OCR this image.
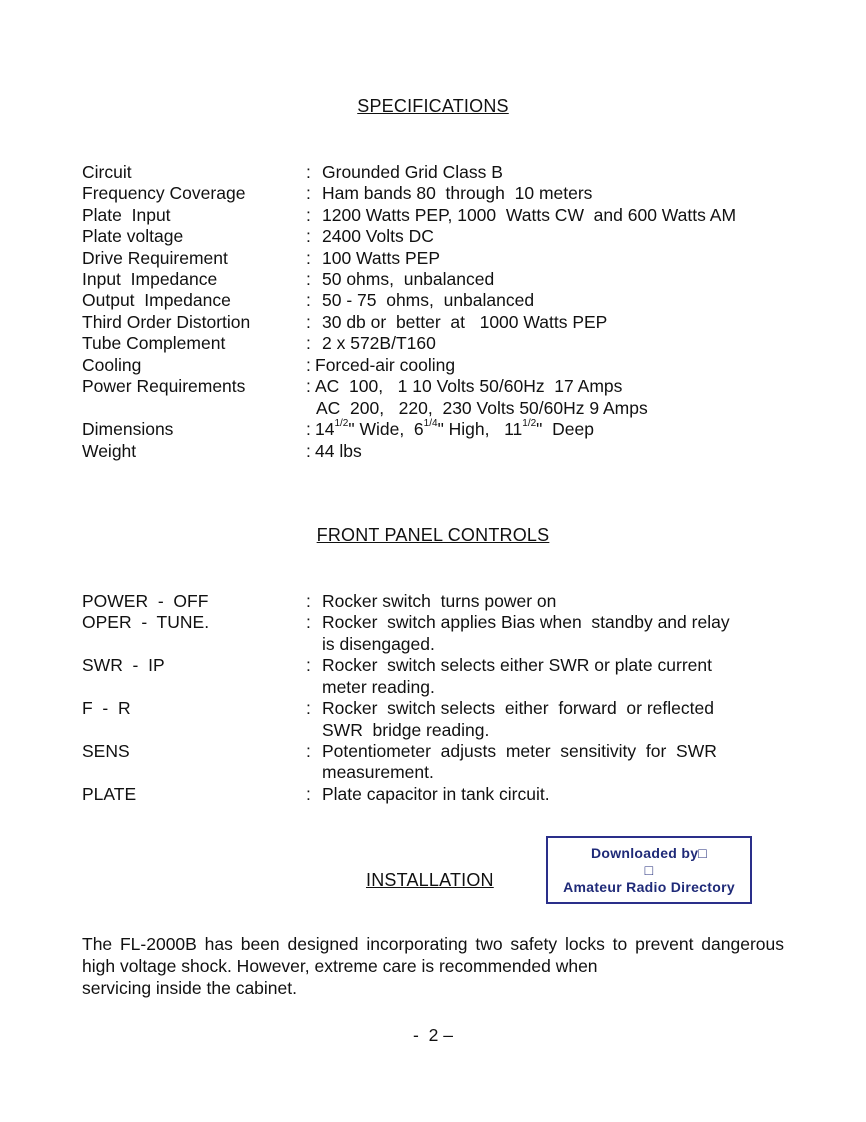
SPECIFICATIONS
Circuit	: Grounded Grid Class B
Frequency Coverage	: Ham bands 80  through  10 meters
Plate  Input	: 1200 Watts PEP, 1000  Watts CW  and 600 Watts AM
Plate voltage	: 2400 Volts DC
Drive Requirement	: 100 Watts PEP
Input  Impedance	: 50 ohms,  unbalanced
Output  Impedance	: 50 - 75  ohms,  unbalanced
Third Order Distortion	: 30 db or  better  at   1000 Watts PEP
Tube Complement	: 2 x 572B/T160
Cooling	: Forced-air cooling
Power Requirements	: AC  100,   1 10 Volts 50/60Hz  17 Amps
AC  200,   220,  230 Volts 50/60Hz 9 Amps
Dimensions	: $14^{1/2}$" Wide, $6^{1/4}$" High, $11^{1/2}$"  Deep
Weight	: 44 lbs
FRONT PANEL CONTROLS
POWER  -  OFF	: Rocker switch  turns power on
OPER  -  TUNE.	: Rocker  switch applies Bias when  standby and relay
is disengaged.
SWR  -  IP	: Rocker  switch selects either SWR or plate current
meter reading.
F  -  R	: Rocker  switch selects  either  forward  or reflected
SWR  bridge reading.
SENS	: Potentiometer  adjusts  meter  sensitivity  for  SWR
measurement.
PLATE	: Plate capacitor in tank circuit.
Downloaded by□
□
Amateur Radio Directory
INSTALLATION
The FL-2000B has been designed incorporating two safety locks to prevent dangerous high voltage shock. However, extreme care is recommended when
servicing inside the cabinet.
-  2 –
